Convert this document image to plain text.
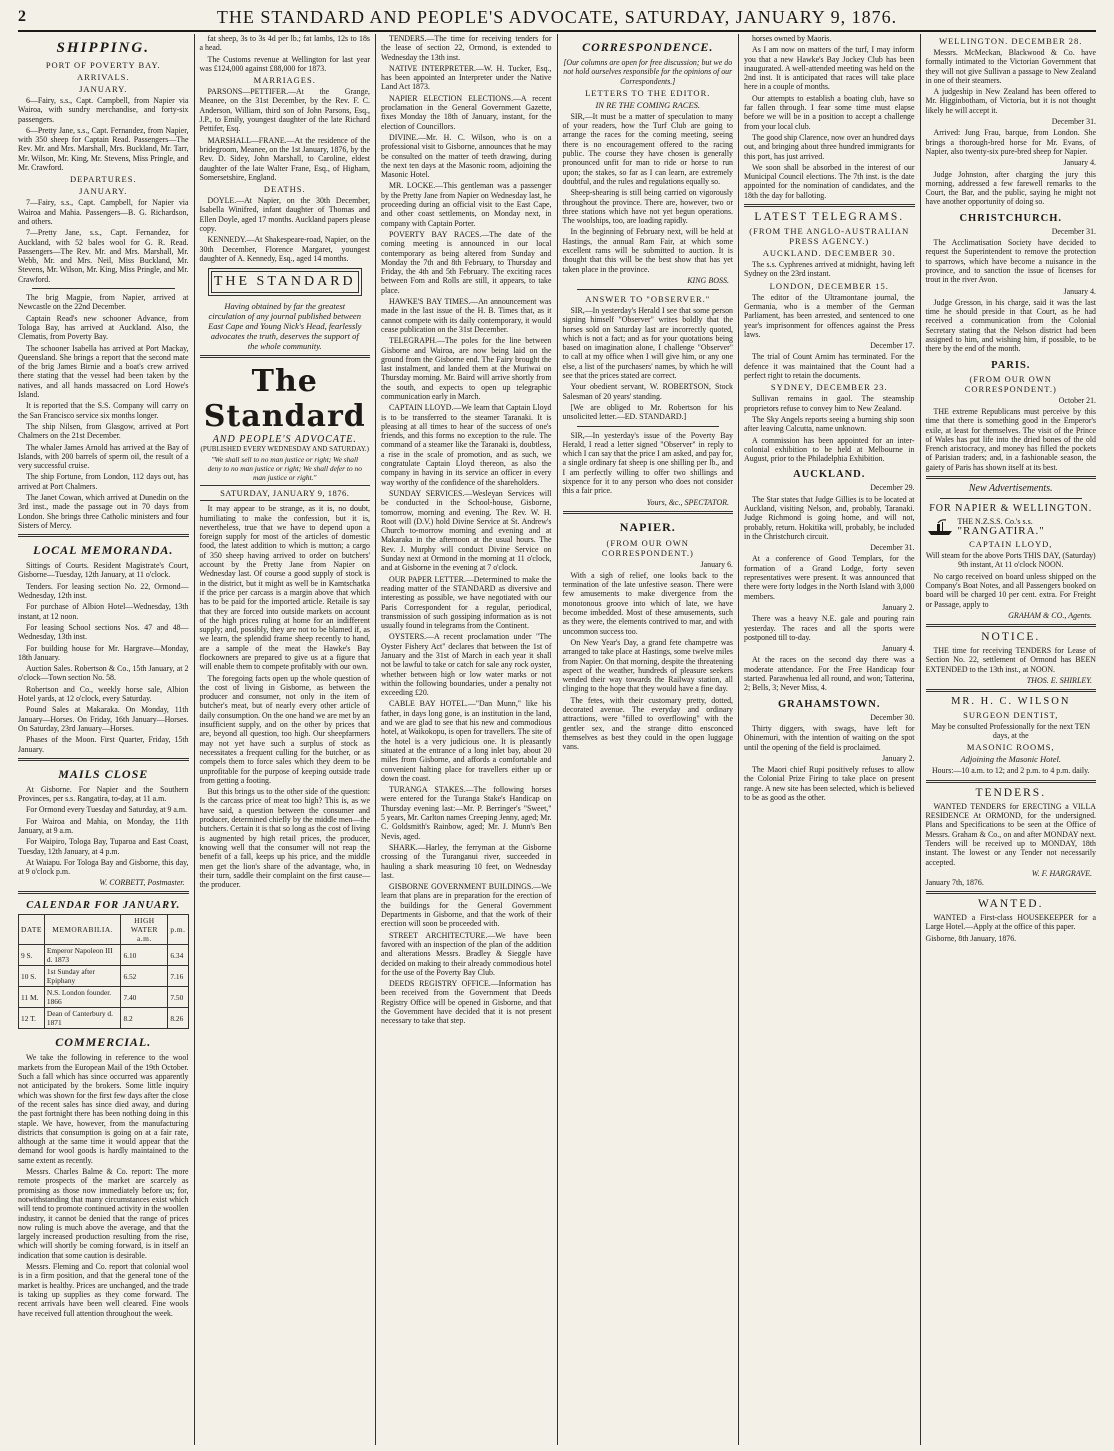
2	THE STANDARD AND PEOPLE'S ADVOCATE, SATURDAY, JANUARY 9, 1876.
SHIPPING.
PORT OF POVERTY BAY.
ARRIVALS.
JANUARY.

6—Fairy, s.s., Capt. Campbell, from Napier via Wairoa, with sundry merchandise, and forty-six passengers.

6—Pretty Jane, s.s., Capt. Fernandez, from Napier, with 350 sheep for Captain Read. Passengers—The Rev. Mr. and Mrs. Marshall, Mrs. Buckland, Mr. Tarr, Mr. Wilson, Mr. King, Mr. Stevens, Miss Pringle, and Mr. Crawford.

DEPARTURES.
JANUARY.

7—Fairy, s.s., Capt. Campbell, for Napier via Wairoa and Mahia. Passengers—B. G. Richardson, and others.

7—Pretty Jane, s.s., Capt. Fernandez, for Auckland, with 52 bales wool for G. R. Read. Passengers—The Rev. Mr. and Mrs. Marshall, Mr. Webb, Mr. and Mrs. Neil, Miss Buckland, Mr. Stevens, Mr. Wilson, Mr. King, Miss Pringle, and Mr. Crawford.

The brig Magpie, from Napier, arrived at Newcastle on the 22nd December.

Captain Read's new schooner Advance, from Tologa Bay, has arrived at Auckland. Also, the Clematis, from Poverty Bay.

The schooner Isabella has arrived at Port Mackay, Queensland. She brings a report that the second mate of the brig James Birnie and a boat's crew arrived there stating that the vessel had been taken by the natives, and all hands massacred on Lord Howe's Island.

It is reported that the S.S. Company will carry on the San Francisco service six months longer.

The ship Nilsen, from Glasgow, arrived at Port Chalmers on the 21st December.

The whaler James Arnold has arrived at the Bay of Islands, with 200 barrels of sperm oil, the result of a very successful cruise.

The ship Fortune, from London, 112 days out, has arrived at Port Chalmers.

The Janet Cowan, which arrived at Dunedin on the 3rd inst., made the passage out in 70 days from London. She brings three Catholic ministers and four Sisters of Mercy.

LOCAL MEMORANDA.

Sittings of Courts. Resident Magistrate's Court, Gisborne—Tuesday, 12th January, at 11 o'clock.

Tenders. For leasing section No. 22, Ormond—Wednesday, 12th inst.

For purchase of Albion Hotel—Wednesday, 13th instant, at 12 noon.

For leasing School sections Nos. 47 and 48—Wednesday, 13th inst.

For building house for Mr. Hargrave—Monday, 18th January.

Auction Sales. Robertson & Co., 15th January, at 2 o'clock—Town section No. 58.

Robertson and Co., weekly horse sale, Albion Hotel yards, at 12 o'clock, every Saturday.

Pound Sales at Makaraka. On Monday, 11th January—Horses. On Friday, 16th January—Horses. On Saturday, 23rd January—Horses.

Phases of the Moon. First Quarter, Friday, 15th January.

MAILS CLOSE

At Gisborne. For Napier and the Southern Provinces, per s.s. Rangatira, to-day, at 11 a.m.

For Ormond every Tuesday and Saturday, at 9 a.m.

For Wairoa and Mahia, on Monday, the 11th January, at 9 a.m.

For Waipiro, Tologa Bay, Tuparoa and East Coast, Tuesday, 12th January, at 4 p.m.

At Waiapu. For Tologa Bay and Gisborne, this day, at 9 o'clock p.m.

W. CORBETT, Postmaster.
CALENDAR FOR JANUARY.
DATE	MEMORABILIA.	HIGH WATER a.m.	p.m.
9 S.	Emperor Napoleon III d. 1873	6.10	6.34
10 S.	1st Sunday after Epiphany	6.52	7.16
11 M.	N.S. London founder. 1866	7.40	7.50
12 T.	Dean of Canterbury d. 1871	8.2	8.26
COMMERCIAL.

We take the following in reference to the wool markets from the European Mail of the 19th October. Such a fall which has since occurred was apparently not anticipated by the brokers. Some little inquiry which was shown for the first few days after the close of the recent sales has since died away, and during the past fortnight there has been nothing doing in this staple. We have, however, from the manufacturing districts that consumption is going on at a fair rate, although at the same time it would appear that the demand for wool goods is hardly maintained to the same extent as recently.

Messrs. Charles Balme & Co. report: The more remote prospects of the market are scarcely as promising as those now immediately before us; for, notwithstanding that many circumstances exist which will tend to promote continued activity in the woollen industry, it cannot be denied that the range of prices now ruling is much above the average, and that the largely increased production resulting from the rise, which will shortly be coming forward, is in itself an indication that some caution is desirable.

Messrs. Fleming and Co. report that colonial wool is in a firm position, and that the general tone of the market is healthy. Prices are unchanged, and the trade is taking up supplies as they come forward. The recent arrivals have been well cleared. Fine wools have received full attention throughout the week.

fat sheep, 3s to 3s 4d per lb.; fat lambs, 12s to 18s a head.

The Customs revenue at Wellington for last year was £124,000 against £88,000 for 1873.

MARRIAGES.

PARSONS—PETTIFER.—At the Grange, Meanee, on the 31st December, by the Rev. F. C. Anderson, William, third son of John Parsons, Esq., J.P., to Emily, youngest daughter of the late Richard Pettifer, Esq.

MARSHALL—FRANE.—At the residence of the bridegroom, Meanee, on the 1st January, 1876, by the Rev. D. Sidey, John Marshall, to Caroline, eldest daughter of the late Walter Frane, Esq., of Higham, Somersetshire, England.

DEATHS.

DOYLE.—At Napier, on the 30th December, Isabella Winifred, infant daughter of Thomas and Ellen Doyle, aged 17 months. Auckland papers please copy.

KENNEDY.—At Shakespeare-road, Napier, on the 30th December, Florence Margaret, youngest daughter of A. Kennedy, Esq., aged 14 months.

THE STANDARD
Having obtained by far the greatest circulation of any journal published between East Cape and Young Nick's Head, fearlessly advocates the truth, deserves the support of the whole community.
The Standard
AND PEOPLE'S ADVOCATE.
(PUBLISHED EVERY WEDNESDAY AND SATURDAY.)
"We shall sell to no man justice or right; We shall deny to no man justice or right; We shall defer to no man justice or right."
SATURDAY, JANUARY 9, 1876.

It may appear to be strange, as it is, no doubt, humiliating to make the confession, but it is, nevertheless, true that we have to depend upon a foreign supply for most of the articles of domestic food, the latest addition to which is mutton; a cargo of 350 sheep having arrived to order on butchers' account by the Pretty Jane from Napier on Wednesday last. Of course a good supply of stock is in the district, but it might as well be in Kamtschatka if the price per carcass is a margin above that which has to be paid for the imported article. Retaile is say that they are forced into outside markets on account of the high prices ruling at home for an indifferent supply; and, possibly, they are not to be blamed if, as we learn, the splendid frame sheep recently to hand, are a sample of the meat the Hawke's Bay flockowners are prepared to give us at a figure that will enable them to compete profitably with our own.

The foregoing facts open up the whole question of the cost of living in Gisborne, as between the producer and consumer, not only in the item of butcher's meat, but of nearly every other article of daily consumption. On the one hand we are met by an insufficient supply, and on the other by prices that are, beyond all question, too high. Our sheepfarmers may not yet have such a surplus of stock as necessitates a frequent culling for the butcher, or as compels them to force sales which they deem to be unprofitable for the purpose of keeping outside trade from getting a footing.

But this brings us to the other side of the question: Is the carcass price of meat too high? This is, as we have said, a question between the consumer and producer, determined chiefly by the middle men—the butchers. Certain it is that so long as the cost of living is augmented by high retail prices, the producer, knowing well that the consumer will not reap the benefit of a fall, keeps up his price, and the middle men get the lion's share of the advantage, who, in their turn, saddle their complaint on the first cause—the producer.

TENDERS.—The time for receiving tenders for the lease of section 22, Ormond, is extended to Wednesday the 13th inst.

NATIVE INTERPRETER.—W. H. Tucker, Esq., has been appointed an Interpreter under the Native Land Act 1873.

NAPIER ELECTION ELECTIONS.—A recent proclamation in the General Government Gazette, fixes Monday the 18th of January, instant, for the election of Councillors.

DIVINE.—Mr. H. C. Wilson, who is on a professional visit to Gisborne, announces that he may be consulted on the matter of teeth drawing, during the next ten days at the Masonic room, adjoining the Masonic Hotel.

MR. LOCKE.—This gentleman was a passenger by the Pretty Jane from Napier on Wednesday last, he proceeding during an official visit to the East Cape, and other coast settlements, on Monday next, in company with Captain Porter.

POVERTY BAY RACES.—The date of the coming meeting is announced in our local contemporary as being altered from Sunday and Monday the 7th and 8th February, to Thursday and Friday, the 4th and 5th February. The exciting races between Fom and Rolls are still, it appears, to take place.

HAWKE'S BAY TIMES.—An announcement was made in the last issue of the H. B. Times that, as it cannot compete with its daily contemporary, it would cease publication on the 31st December.

TELEGRAPH.—The poles for the line between Gisborne and Wairoa, are now being laid on the ground from the Gisborne end. The Fairy brought the last instalment, and landed them at the Muriwai on Thursday morning. Mr. Baird will arrive shortly from the south, and expects to open up telegraphic communication early in March.

CAPTAIN LLOYD.—We learn that Captain Lloyd is to be transferred to the steamer Taranaki. It is pleasing at all times to hear of the success of one's friends, and this forms no exception to the rule. The command of a steamer like the Taranaki is, doubtless, a rise in the scale of promotion, and as such, we congratulate Captain Lloyd thereon, as also the company in having in its service an officer in every way worthy of the confidence of the shareholders.

SUNDAY SERVICES.—Wesleyan Services will be conducted in the School-house, Gisborne, tomorrow, morning and evening. The Rev. W. H. Root will (D.V.) hold Divine Service at St. Andrew's Church to-morrow morning and evening and at Makaraka in the afternoon at the usual hours. The Rev. J. Murphy will conduct Divine Service on Sunday next at Ormond in the morning at 11 o'clock, and at Gisborne in the evening at 7 o'clock.

OUR PAPER LETTER.—Determined to make the reading matter of the STANDARD as diversive and interesting as possible, we have negotiated with our Paris Correspondent for a regular, periodical, transmission of such gossiping information as is not usually found in telegrams from the Continent.

OYSTERS.—A recent proclamation under "The Oyster Fishery Act" declares that between the 1st of January and the 31st of March in each year it shall not be lawful to take or catch for sale any rock oyster, whether between high or low water marks or not within the following boundaries, under a penalty not exceeding £20.

CABLE BAY HOTEL.—"Dan Munn," like his father, in days long gone, is an institution in the land, and we are glad to see that his new and commodious hotel, at Waikokopu, is open for travellers. The site of the hotel is a very judicious one. It is pleasantly situated at the entrance of a long inlet bay, about 20 miles from Gisborne, and affords a comfortable and convenient halting place for travellers either up or down the coast.

TURANGA STAKES.—The following horses were entered for the Turanga Stake's Handicap on Thursday evening last:—Mr. P. Berringer's "Sweet," 5 years, Mr. Carlton names Creeping Jenny, aged; Mr. C. Goldsmith's Rainbow, aged; Mr. J. Munn's Ben Nevis, aged.

SHARK.—Harley, the ferryman at the Gisborne crossing of the Turanganui river, succeeded in hauling a shark measuring 10 feet, on Wednesday last.

GISBORNE GOVERNMENT BUILDINGS.—We learn that plans are in preparation for the erection of the buildings for the General Government Departments in Gisborne, and that the work of their erection will soon be proceeded with.

STREET ARCHITECTURE.—We have been favored with an inspection of the plan of the addition and alterations Messrs. Bradley & Sieggle have decided on making to their already commodious hotel for the use of the Poverty Bay Club.

DEEDS REGISTRY OFFICE.—Information has been received from the Government that Deeds Registry Office will be opened in Gisborne, and that the Government have decided that it is not present necessary to take that step.

CORRESPONDENCE.

[Our columns are open for free discussion; but we do not hold ourselves responsible for the opinions of our Correspondents.]

LETTERS TO THE EDITOR.
IN RE THE COMING RACES.

SIR,—It must be a matter of speculation to many of your readers, how the Turf Club are going to arrange the races for the coming meeting, seeing there is no encouragement offered to the racing public. The course they have chosen is generally pronounced unfit for man to ride or horse to run upon; the stakes, so far as I can learn, are extremely doubtful, and the rules and regulations equally so.

Sheep-shearing is still being carried on vigorously throughout the province. There are, however, two or three stations which have not yet begun operations. The woolships, too, are loading rapidly.

In the beginning of February next, will be held at Hastings, the annual Ram Fair, at which some excellent rams will be submitted to auction. It is thought that this will be the best show that has yet taken place in the province.

KING BOSS.
ANSWER TO "OBSERVER."

SIR,—In yesterday's Herald I see that some person signing himself "Observer" writes boldly that the horses sold on Saturday last are incorrectly quoted, which is not a fact; and as for your quotations being based on imagination alone, I challenge "Observer" to call at my office when I will give him, or any one else, a list of the purchasers' names, by which he will see that the prices stated are correct.

Your obedient servant, W. ROBERTSON, Stock Salesman of 20 years' standing.

[We are obliged to Mr. Robertson for his unsolicited letter.—ED. STANDARD.]

SIR,—In yesterday's issue of the Poverty Bay Herald, I read a letter signed "Observer" in reply to which I can say that the price I am asked, and pay for, a single ordinary fat sheep is one shilling per lb., and I am perfectly willing to offer two shillings and sixpence for it to any person who does not consider this a fair price.

Yours, &c., SPECTATOR.
NAPIER.
(FROM OUR OWN CORRESPONDENT.)

January 6.

With a sigh of relief, one looks back to the termination of the late unfestive season. There were few amusements to make divergence from the monotonous groove into which of late, we have become imbedded. Most of these amusements, such as they were, the elements contrived to mar, and with uncommon success too.

On New Year's Day, a grand fete champetre was arranged to take place at Hastings, some twelve miles from Napier. On that morning, despite the threatening aspect of the weather, hundreds of pleasure seekers wended their way towards the Railway station, all clinging to the hope that they would have a fine day.

The fetes, with their customary pretty, dotted, decorated avenue. The everyday and ordinary attractions, were "filled to overflowing" with the gentler sex, and the strange ditto ensconced themselves as best they could in the open luggage vans.

horses owned by Maoris.

As I am now on matters of the turf, I may inform you that a new Hawke's Bay Jockey Club has been inaugurated. A well-attended meeting was held on the 2nd inst. It is anticipated that races will take place here in a couple of months.

Our attempts to establish a boating club, have so far fallen through. I fear some time must elapse before we will be in a position to accept a challenge from your local club.

The good ship Clarence, now over an hundred days out, and bringing about three hundred immigrants for this port, has just arrived.

We soon shall be absorbed in the interest of our Municipal Council elections. The 7th inst. is the date appointed for the nomination of candidates, and the 18th the day for balloting.

LATEST TELEGRAMS.
(FROM THE ANGLO-AUSTRALIAN PRESS AGENCY.)
AUCKLAND. DECEMBER 30.

The s.s. Cyphrenes arrived at midnight, having left Sydney on the 23rd instant.

LONDON, DECEMBER 15.

The editor of the Ultramontane journal, the Germania, who is a member of the German Parliament, has been arrested, and sentenced to one year's imprisonment for offences against the Press laws.

December 17.

The trial of Count Arnim has terminated. For the defence it was maintained that the Count had a perfect right to retain the documents.

SYDNEY, DECEMBER 23.

Sullivan remains in gaol. The steamship proprietors refuse to convey him to New Zealand.

The Sky Angels reports seeing a burning ship soon after leaving Calcutta, name unknown.

A commission has been appointed for an inter-colonial exhibition to be held at Melbourne in August, prior to the Philadelphia Exhibition.

AUCKLAND.

December 29.

The Star states that Judge Gillies is to be located at Auckland, visiting Nelson, and, probably, Taranaki. Judge Richmond is going home, and will not, probably, return. Hokitika will, probably, be included in the Christchurch circuit.

December 31.

At a conference of Good Templars, for the formation of a Grand Lodge, forty seven representatives were present. It was announced that there were forty lodges in the North Island with 3,000 members.

January 2.

There was a heavy N.E. gale and pouring rain yesterday. The races and all the sports were postponed till to-day.

January 4.

At the races on the second day there was a moderate attendance. For the Free Handicap four started. Parawhenua led all round, and won; Tatterina, 2; Bells, 3; Never Miss, 4.

GRAHAMSTOWN.

December 30.

Thirty diggers, with swags, have left for Ohinemuri, with the intention of waiting on the spot until the opening of the field is proclaimed.

January 2.

The Maori chief Rupi positively refuses to allow the Colonial Prize Firing to take place on present range. A new site has been selected, which is believed to be as good as the other.

WELLINGTON. DECEMBER 28.

Messrs. McMeckan, Blackwood & Co. have formally intimated to the Victorian Government that they will not give Sullivan a passage to New Zealand in one of their steamers.

A judgeship in New Zealand has been offered to Mr. Higginbotham, of Victoria, but it is not thought likely he will accept it.

December 31.

Arrived: Jung Frau, barque, from London. She brings a thorough-bred horse for Mr. Evans, of Napier, also twenty-six pure-bred sheep for Napier.

January 4.

Judge Johnston, after charging the jury this morning, addressed a few farewell remarks to the Court, the Bar, and the public, saying he might not have another opportunity of doing so.

CHRISTCHURCH.

December 31.

The Acclimatisation Society have decided to request the Superintendent to remove the protection to sparrows, which have become a nuisance in the province, and to sanction the issue of licenses for trout in the river Avon.

January 4.

Judge Gresson, in his charge, said it was the last time he should preside in that Court, as he had received a communication from the Colonial Secretary stating that the Nelson district had been assigned to him, and wishing him, if possible, to be there by the end of the month.

PARIS.
(FROM OUR OWN CORRESPONDENT.)

October 21.

THE extreme Republicans must perceive by this time that there is something good in the Emperor's exile, at least for themselves. The visit of the Prince of Wales has put life into the dried bones of the old French aristocracy, and money has filled the pockets of Parisian traders; and, in a fashionable season, the gaiety of Paris has shown itself at its best.

New Advertisements.
FOR NAPIER & WELLINGTON.
THE N.Z.S.S. Co.'s s.s.
"RANGATIRA."
CAPTAIN LLOYD,

Will steam for the above Ports THIS DAY, (Saturday) 9th instant, At 11 o'clock NOON.

No cargo received on board unless shipped on the Company's Boat Notes, and all Passengers booked on board will be charged 10 per cent. extra. For Freight or Passage, apply to

GRAHAM & CO., Agents.
NOTICE.

THE time for receiving TENDERS for Lease of Section No. 22, settlement of Ormond has BEEN EXTENDED to the 13th inst., at NOON.

THOS. E. SHIRLEY.
MR. H. C. WILSON
SURGEON DENTIST,

May be consulted Professionally for the next TEN days, at the

MASONIC ROOMS,
Adjoining the Masonic Hotel.

Hours:—10 a.m. to 12; and 2 p.m. to 4 p.m. daily.

TENDERS.

WANTED TENDERS for ERECTING a VILLA RESIDENCE At ORMOND, for the undersigned. Plans and Specifications to be seen at the Office of Messrs. Graham & Co., on and after MONDAY next. Tenders will be received up to MONDAY, 18th instant. The lowest or any Tender not necessarily accepted.

W. F. HARGRAVE.

January 7th, 1876.

WANTED.

WANTED a First-class HOUSEKEEPER for a Large Hotel.—Apply at the office of this paper.

Gisborne, 8th January, 1876.
